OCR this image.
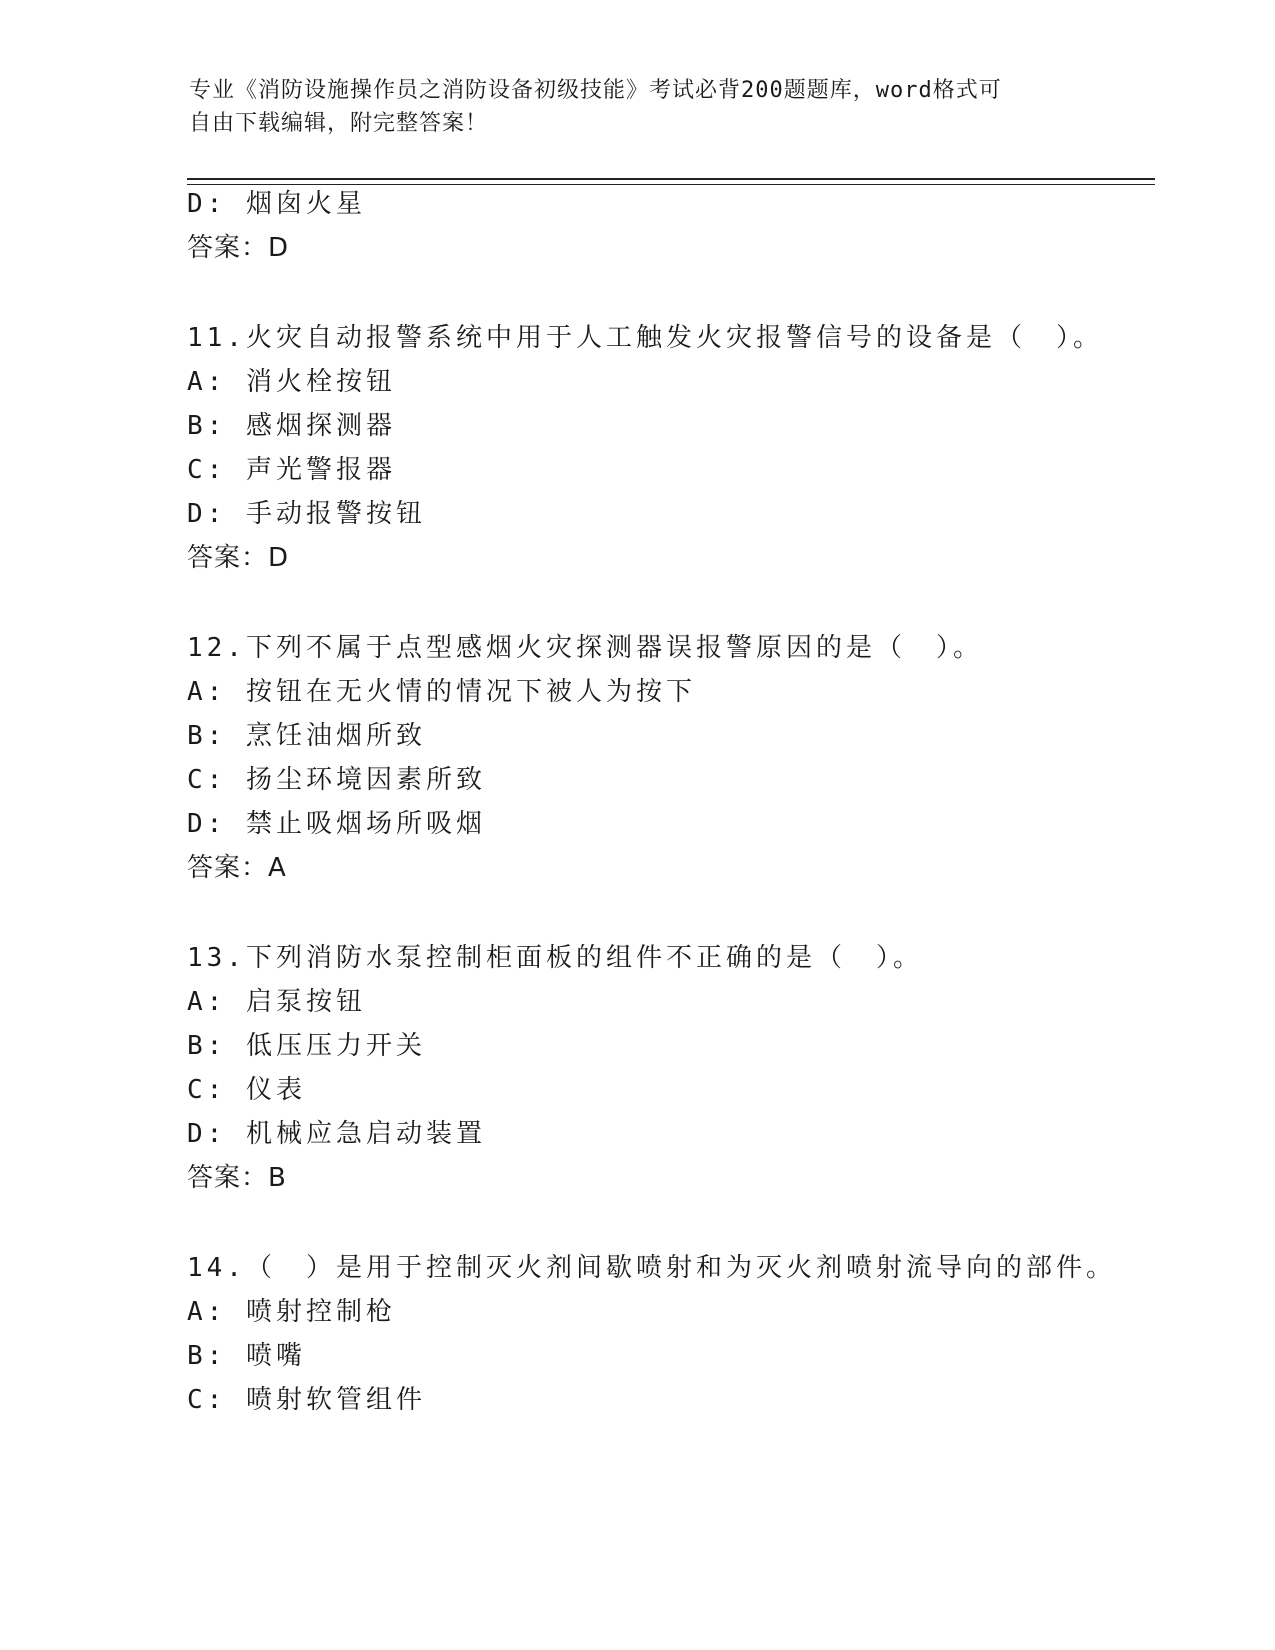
专业《消防设施操作员之消防设备初级技能》考试必背200题题库，word格式可
自由下载编辑，附完整答案！
D: 烟囱火星
答案：D
11.火灾自动报警系统中用于人工触发火灾报警信号的设备是（　）。
A: 消火栓按钮
B: 感烟探测器
C: 声光警报器
D: 手动报警按钮
答案：D
12.下列不属于点型感烟火灾探测器误报警原因的是（　）。
A: 按钮在无火情的情况下被人为按下
B: 烹饪油烟所致
C: 扬尘环境因素所致
D: 禁止吸烟场所吸烟
答案：A
13.下列消防水泵控制柜面板的组件不正确的是（　）。
A: 启泵按钮
B: 低压压力开关
C: 仪表
D: 机械应急启动装置
答案：B
14.（　）是用于控制灭火剂间歇喷射和为灭火剂喷射流导向的部件。
A: 喷射控制枪
B: 喷嘴
C: 喷射软管组件
